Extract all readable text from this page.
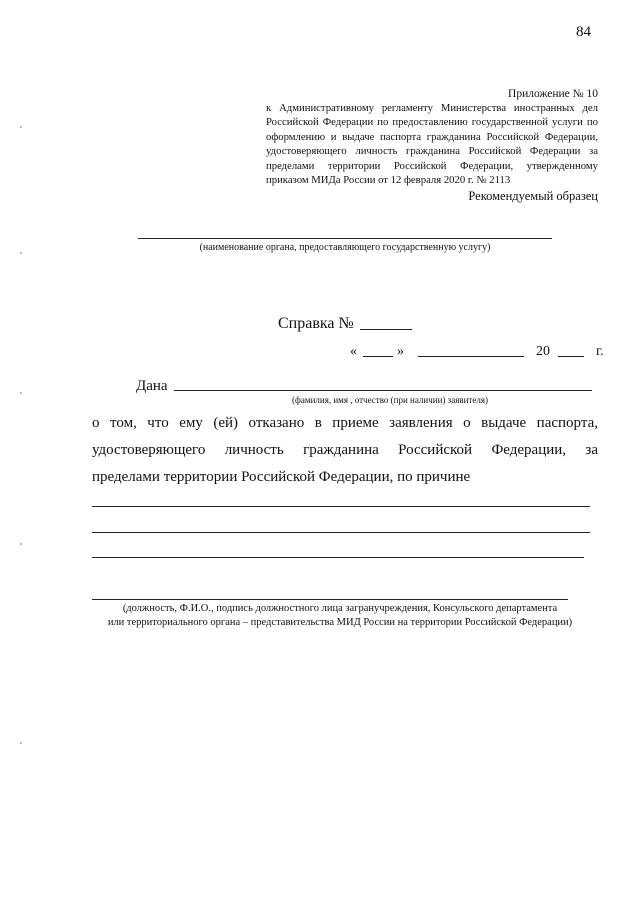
84
Приложение № 10
к Административному регламенту Министерства иностранных дел
Российской Федерации по предоставлению государственной услуги по
оформлению и выдаче паспорта гражданина Российской Федерации,
удостоверяющего личность гражданина Российской Федерации за
пределами территории Российской Федерации, утвержденному
приказом МИДа России от 12 февраля 2020 г. № 2113
Рекомендуемый образец
(наименование органа, предоставляющего государственную услугу)
Справка №
«	»	20	г.
Дана
(фамилия, имя , отчество (при наличии) заявителя)
о том, что ему (ей) отказано в приеме заявления о выдаче паспорта,
удостоверяющего личность гражданина Российской Федерации, за
пределами территории Российской Федерации, по причине
(должность, Ф.И.О., подпись должностного лица загранучреждения, Консульского департамента
или территориального органа – представительства МИД России на территории Российской Федерации)
